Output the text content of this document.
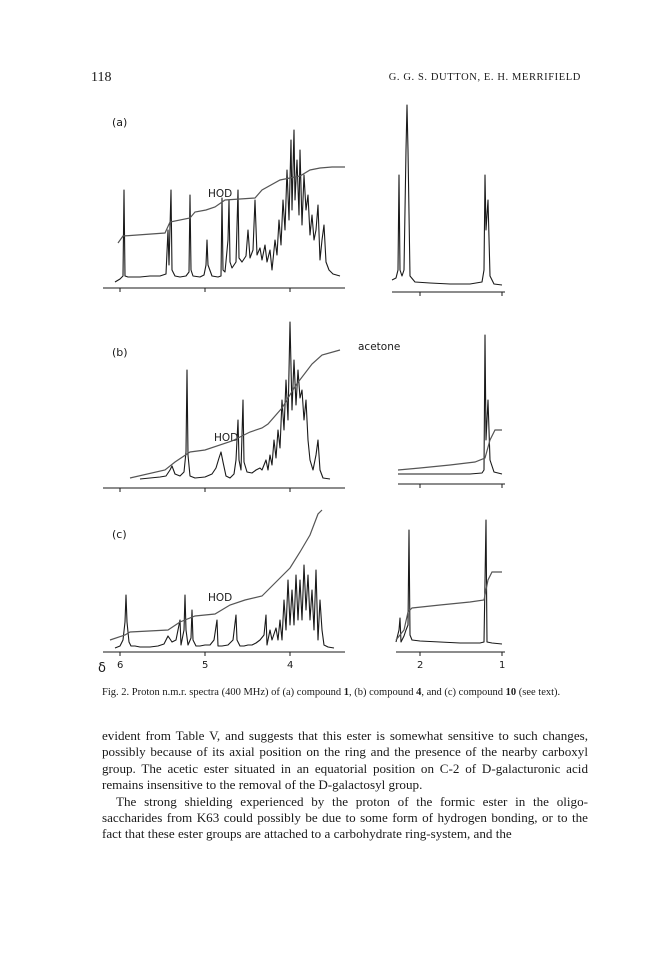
118	G. G. S. DUTTON, E. H. MERRIFIELD
(a)
HOD
(b)
HOD
acetone
(c)
HOD
δ 6	5	4	2	1
Fig. 2. Proton n.m.r. spectra (400 MHz) of (a) compound 1, (b) compound 4, and (c) compound 10 (see text).

evident from Table V, and suggests that this ester is somewhat sensitive to such changes, possibly because of its axial position on the ring and the presence of the nearby carboxyl group. The acetic ester situated in an equatorial position on C-2 of D-galacturonic acid remains insensitive to the removal of the D-galactosyl group.

The strong shielding experienced by the proton of the formic ester in the oligo-saccharides from K63 could possibly be due to some form of hydrogen bonding, or to the fact that these ester groups are attached to a carbohydrate ring-system, and the
